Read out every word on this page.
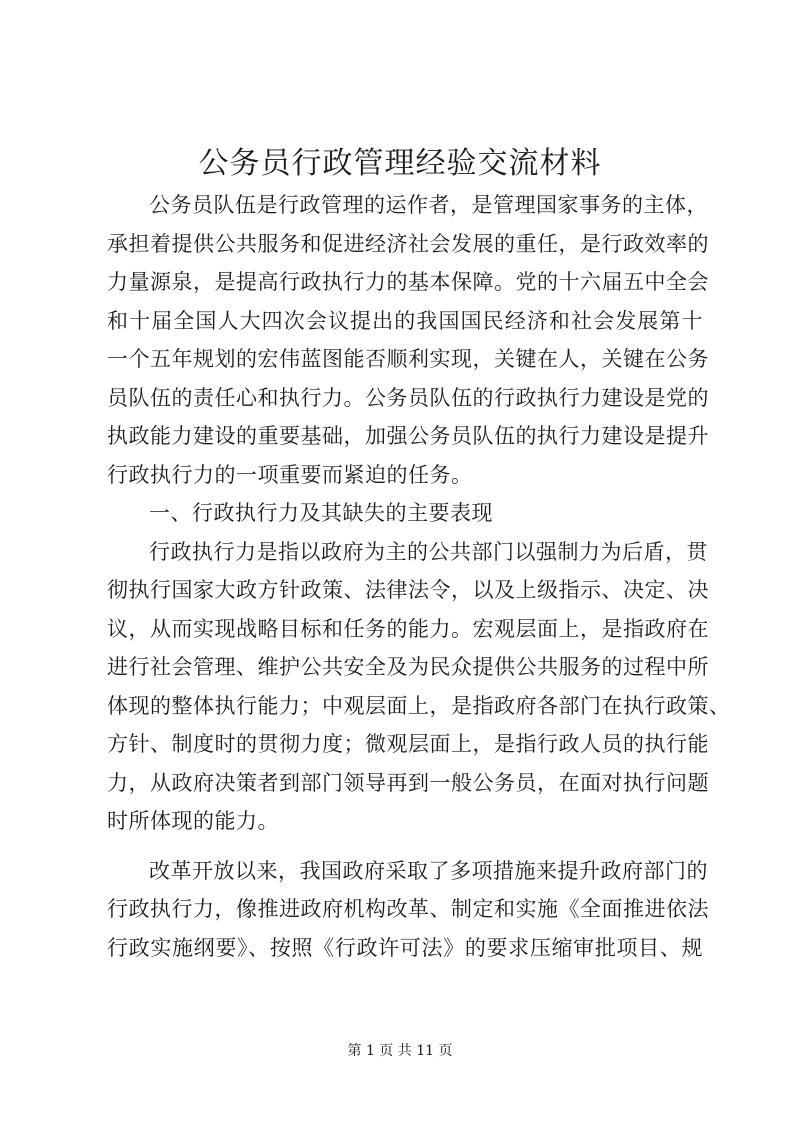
公务员行政管理经验交流材料
公务员队伍是行政管理的运作者，是管理国家事务的主体，
承担着提供公共服务和促进经济社会发展的重任，是行政效率的
力量源泉，是提高行政执行力的基本保障。党的十六届五中全会
和十届全国人大四次会议提出的我国国民经济和社会发展第十
一个五年规划的宏伟蓝图能否顺利实现，关键在人，关键在公务
员队伍的责任心和执行力。公务员队伍的行政执行力建设是党的
执政能力建设的重要基础，加强公务员队伍的执行力建设是提升
行政执行力的一项重要而紧迫的任务。
一、行政执行力及其缺失的主要表现
行政执行力是指以政府为主的公共部门以强制力为后盾，贯
彻执行国家大政方针政策、法律法令，以及上级指示、决定、决
议，从而实现战略目标和任务的能力。宏观层面上，是指政府在
进行社会管理、维护公共安全及为民众提供公共服务的过程中所
体现的整体执行能力；中观层面上，是指政府各部门在执行政策、
方针、制度时的贯彻力度；微观层面上，是指行政人员的执行能
力，从政府决策者到部门领导再到一般公务员，在面对执行问题
时所体现的能力。
改革开放以来，我国政府采取了多项措施来提升政府部门的
行政执行力，像推进政府机构改革、制定和实施《全面推进依法
行政实施纲要》、按照《行政许可法》的要求压缩审批项目、规
第 1 页 共 11 页
